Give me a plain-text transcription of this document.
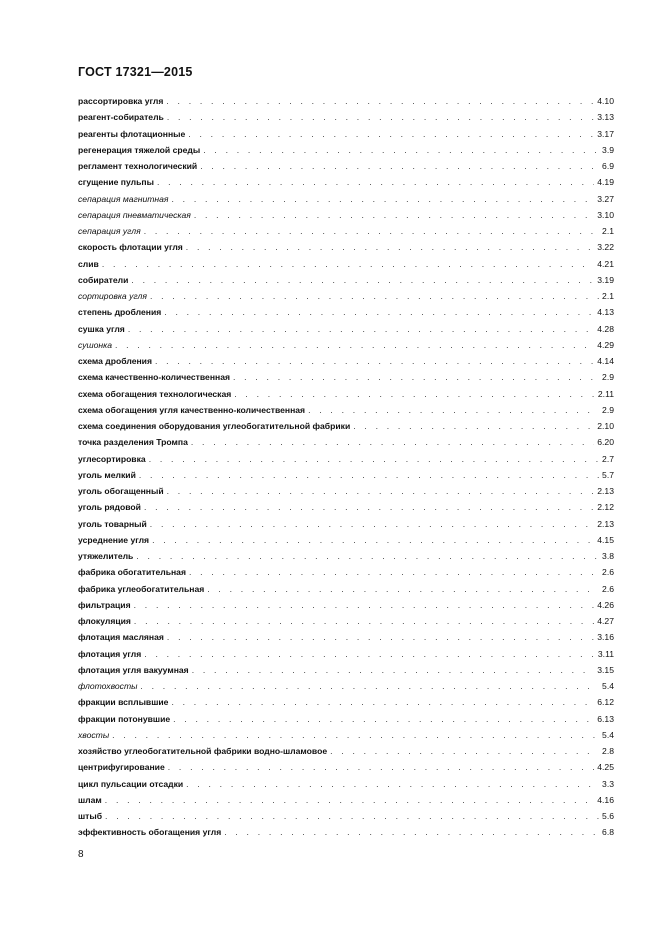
ГОСТ 17321—2015
рассортировка угля . . .	4.10
реагент-собиратель . . .	3.13
реагенты флотационные . . .	3.17
регенерация тяжелой среды . . .	3.9
регламент технологический . . .	6.9
сгущение пульпы . . .	4.19
сепарация магнитная . . .	3.27
сепарация пневматическая . . .	3.10
сепарация угля . . .	2.1
скорость флотации угля . . .	3.22
слив . . .	4.21
собиратели . . .	3.19
сортировка угля . . .	2.1
степень дробления . . .	4.13
сушка угля . . .	4.28
сушонка . . .	4.29
схема дробления . . .	4.14
схема качественно-количественная . . .	2.9
схема обогащения технологическая . . .	2.11
схема обогащения угля качественно-количественная . . .	2.9
схема соединения оборудования углеобогатительной фабрики . . .	2.10
точка разделения Тромпа . . .	6.20
углесортировка . . .	2.7
уголь мелкий . . .	5.7
уголь обогащенный . . .	2.13
уголь рядовой . . .	2.12
уголь товарный . . .	2.13
усреднение угля . . .	4.15
утяжелитель . . .	3.8
фабрика обогатительная . . .	2.6
фабрика углеобогатительная . . .	2.6
фильтрация . . .	4.26
флокуляция . . .	4.27
флотация масляная . . .	3.16
флотация угля . . .	3.11
флотация угля вакуумная . . .	3.15
флотохвосты . . .	5.4
фракции всплывшие . . .	6.12
фракции потонувшие . . .	6.13
хвосты . . .	5.4
хозяйство углеобогатительной фабрики водно-шламовое . . .	2.8
центрифугирование . . .	4.25
цикл пульсации отсадки . . .	3.3
шлам . . .	4.16
штыб . . .	5.6
эффективность обогащения угля . . .	6.8
8
